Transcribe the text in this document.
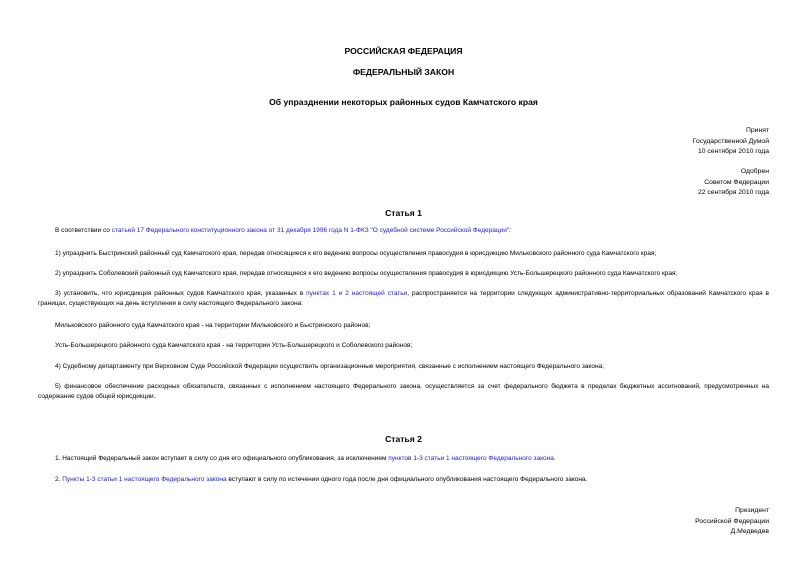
РОССИЙСКАЯ ФЕДЕРАЦИЯ
ФЕДЕРАЛЬНЫЙ ЗАКОН
Об упразднении некоторых районных судов Камчатского края
Принят
Государственной Думой
10 сентября 2010 года
Одобрен
Советом Федерации
22 сентября 2010 года
Статья 1
В соответствии со статьей 17 Федерального конституционного закона от 31 декабря 1996 года N 1-ФКЗ "О судебной системе Российской Федерации":
1) упразднить Быстринский районный суд Камчатского края, передав относящиеся к его ведению вопросы осуществления правосудия в юрисдикцию Мильковского районного суда Камчатского края;
2) упразднить Соболевский районный суд Камчатского края, передав относящиеся к его ведению вопросы осуществления правосудия в юрисдикцию Усть-Большерецкого районного суда Камчатского края;
3) установить, что юрисдикция районных судов Камчатского края, указанных в пунктах 1 и 2 настоящей статьи, распространяется на территории следующих административно-территориальных образований Камчатского края в границах, существующих на день вступления в силу настоящего Федерального закона:
Мильковского районного суда Камчатского края - на территории Мильковского и Быстринского районов;
Усть-Большерецкого районного суда Камчатского края - на территории Усть-Большерецкого и Соболевского районов;
4) Судебному департаменту при Верховном Суде Российской Федерации осуществить организационные мероприятия, связанные с исполнением настоящего Федерального закона;
5) финансовое обеспечение расходных обязательств, связанных с исполнением настоящего Федерального закона, осуществляется за счет федерального бюджета в пределах бюджетных ассигнований, предусмотренных на содержание судов общей юрисдикции.
Статья 2
1. Настоящий Федеральный закон вступает в силу со дня его официального опубликования, за исключением пунктов 1-3 статьи 1 настоящего Федерального закона.
2. Пункты 1-3 статьи 1 настоящего Федерального закона вступают в силу по истечении одного года после дня официального опубликования настоящего Федерального закона.
Президент
Российской Федерации
Д.Медведев
